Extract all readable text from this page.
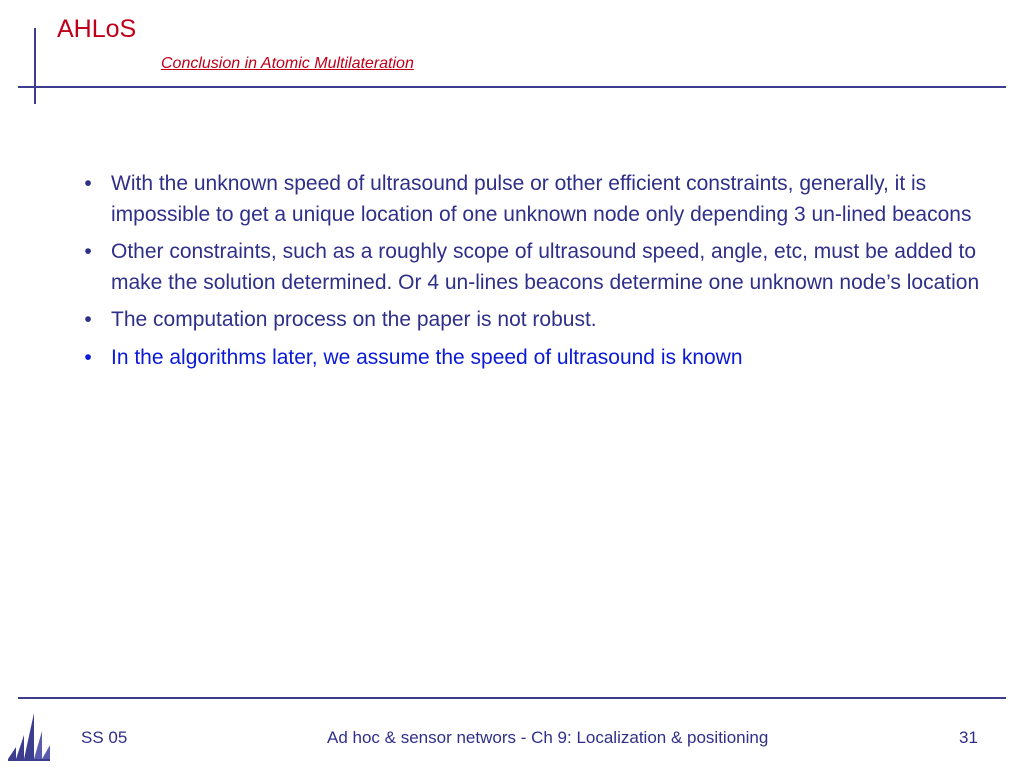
AHLoS
Conclusion in Atomic Multilateration
• With the unknown speed of ultrasound pulse or other efficient constraints, generally, it is impossible to get a unique location of one unknown node only depending 3 un-lined beacons
• Other constraints, such as a roughly scope of ultrasound speed, angle, etc, must be added to make the solution determined. Or 4 un-lines beacons determine one unknown node’s location
• The computation process on the paper is not robust.
• In the algorithms later, we assume the speed of ultrasound is known
SS 05	Ad hoc & sensor networs - Ch 9: Localization & positioning	31
